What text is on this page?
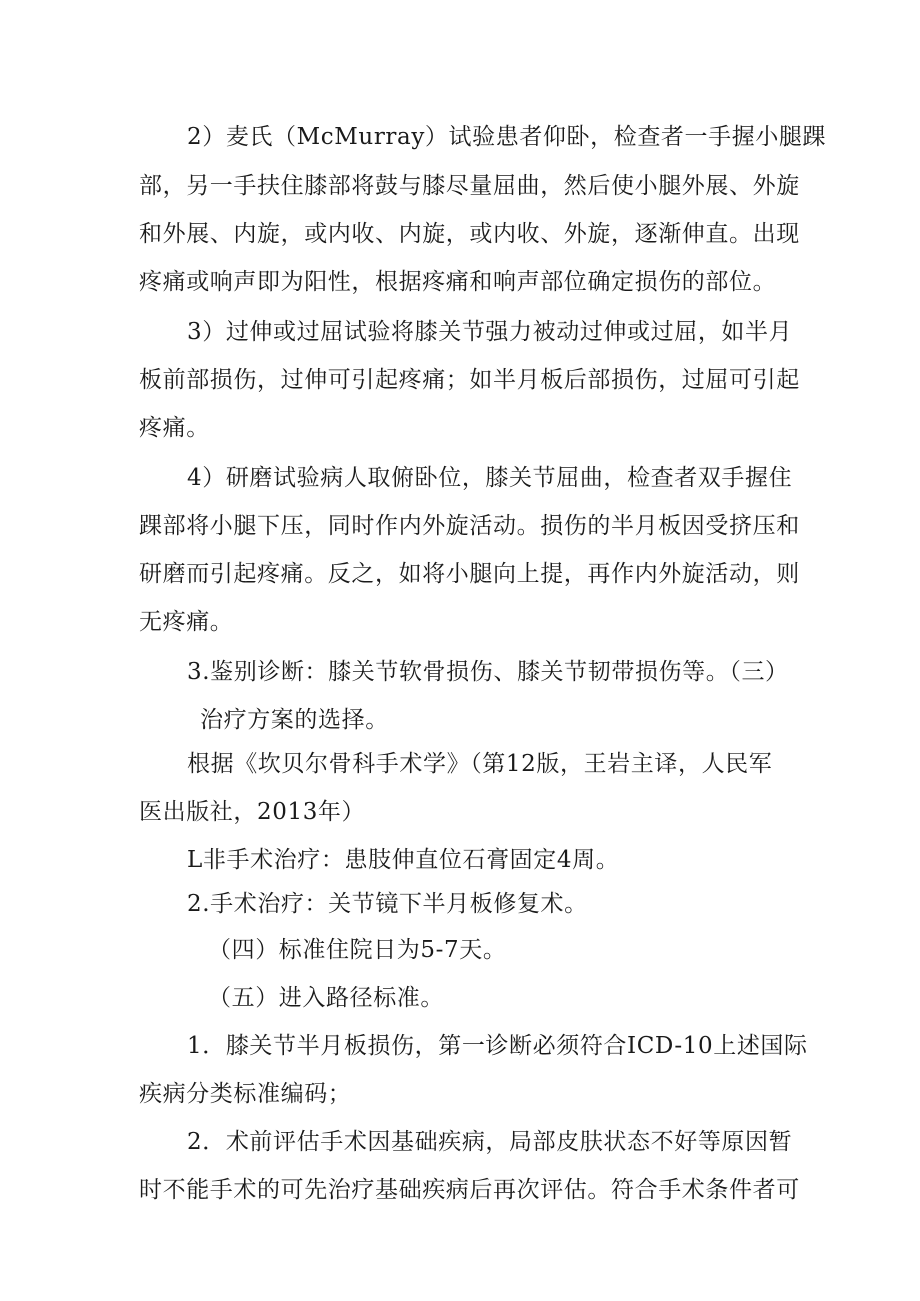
2）麦氏（McMurray）试验患者仰卧，检查者一手握小腿踝
部，另一手扶住膝部将鼓与膝尽量屈曲，然后使小腿外展、外旋
和外展、内旋，或内收、内旋，或内收、外旋，逐渐伸直。出现
疼痛或响声即为阳性，根据疼痛和响声部位确定损伤的部位。
3）过伸或过屈试验将膝关节强力被动过伸或过屈，如半月
板前部损伤，过伸可引起疼痛；如半月板后部损伤，过屈可引起
疼痛。
4）研磨试验病人取俯卧位，膝关节屈曲，检查者双手握住
踝部将小腿下压，同时作内外旋活动。损伤的半月板因受挤压和
研磨而引起疼痛。反之，如将小腿向上提，再作内外旋活动，则
无疼痛。
3.鉴别诊断：膝关节软骨损伤、膝关节韧带损伤等。（三）
治疗方案的选择。
根据《坎贝尔骨科手术学》（第12版，王岩主译，人民军
医出版社，2013年）
L非手术治疗：患肢伸直位石膏固定4周。
2.手术治疗：关节镜下半月板修复术。
（四）标准住院日为5-7天。
（五）进入路径标准。
1．膝关节半月板损伤，第一诊断必须符合ICD-10上述国际
疾病分类标准编码；
2．术前评估手术因基础疾病，局部皮肤状态不好等原因暂
时不能手术的可先治疗基础疾病后再次评估。符合手术条件者可
